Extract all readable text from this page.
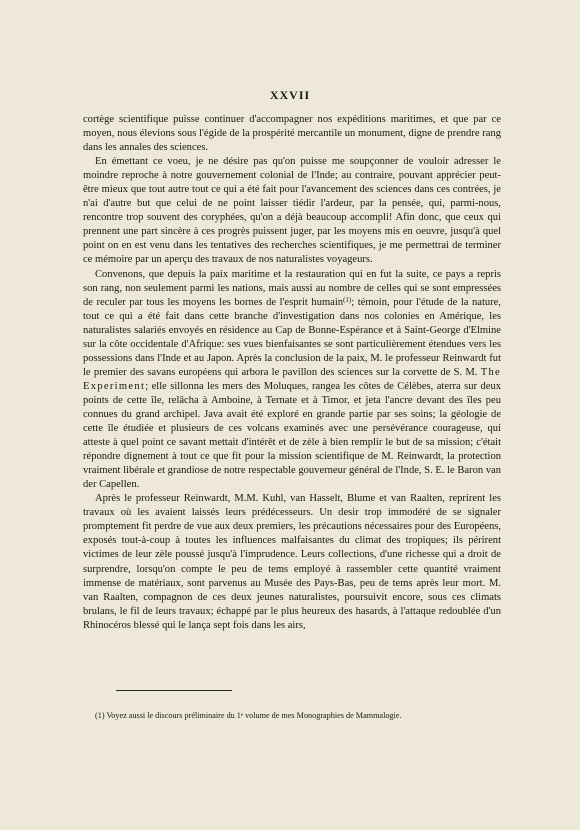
XXVII

cortège scientifique puisse continuer d'accompagner nos expéditions maritimes, et que par ce moyen, nous élevions sous l'égide de la prospérité mercantile un monument, digne de prendre rang dans les annales des sciences.

En émettant ce voeu, je ne désire pas qu'on puisse me soupçonner de vouloir adresser le moindre reproche à notre gouvernement colonial de l'Inde; au contraire, pouvant apprécier peut-être mieux que tout autre tout ce qui a été fait pour l'avancement des sciences dans ces contrées, je n'ai d'autre but que celui de ne point laisser tiédir l'ardeur, par la pensée, qui, parmi-nous, rencontre trop souvent des coryphées, qu'on a déjà beaucoup accompli! Afin donc, que ceux qui prennent une part sincère à ces progrès puissent juger, par les moyens mis en oeuvre, jusqu'à quel point on en est venu dans les tentatives des recherches scientifiques, je me permettrai de terminer ce mémoire par un aperçu des travaux de nos naturalistes voyageurs.

Convenons, que depuis la paix maritime et la restauration qui en fut la suite, ce pays a repris son rang, non seulement parmi les nations, mais aussi au nombre de celles qui se sont empressées de reculer par tous les moyens les bornes de l'esprit humain$^{(1)}$; témoin, pour l'étude de la nature, tout ce qui a été fait dans cette branche d'investigation dans nos colonies en Amérique, les naturalistes salariés envoyés en résidence au Cap de Bonne-Espérance et à Saint-George d'Elmine sur la côte occidentale d'Afrique: ses vues bienfaisantes se sont particulièrement étendues vers les possessions dans l'Inde et au Japon. Après la conclusion de la paix, M. le professeur Reinwardt fut le premier des savans européens qui arbora le pavillon des sciences sur la corvette de S. M. The Experiment; elle sillonna les mers des Moluques, rangea les côtes de Célèbes, aterra sur deux points de cette île, relâcha à Amboine, à Ternate et à Timor, et jeta l'ancre devant des îles peu connues du grand archipel. Java avait été exploré en grande partie par ses soins; la géologie de cette île étudiée et plusieurs de ces volcans examinés avec une persévérance courageuse, qui atteste à quel point ce savant mettait d'intérêt et de zèle à bien remplir le but de sa mission; c'était répondre dignement à tout ce que fit pour la mission scientifique de M. Reinwardt, la protection vraiment libérale et grandiose de notre respectable gouverneur général de l'Inde, S. E. le Baron van der Capellen.

Après le professeur Reinwardt, M.M. Kuhl, van Hasselt, Blume et van Raalten, reprirent les travaux où les avaient laissés leurs prédécesseurs. Un desir trop immodéré de se signaler promptement fit perdre de vue aux deux premiers, les précautions nécessaires pour des Européens, exposés tout-à-coup à toutes les influences malfaisantes du climat des tropiques; ils périrent victimes de leur zèle poussé jusqu'à l'imprudence. Leurs collections, d'une richesse qui a droit de surprendre, lorsqu'on compte le peu de tems employé à rassembler cette quantité vraiment immense de matériaux, sont parvenus au Musée des Pays-Bas, peu de tems après leur mort. M. van Raalten, compagnon de ces deux jeunes naturalistes, poursuivit encore, sous ces climats brulans, le fil de leurs travaux; échappé par le plus heureux des hasards, à l'attaque redoublée d'un Rhinocéros blessé qui le lança sept fois dans les airs,

(1) Voyez aussi le discours préliminaire du 1ᵉ volume de mes Monographies de Mammalogie.
